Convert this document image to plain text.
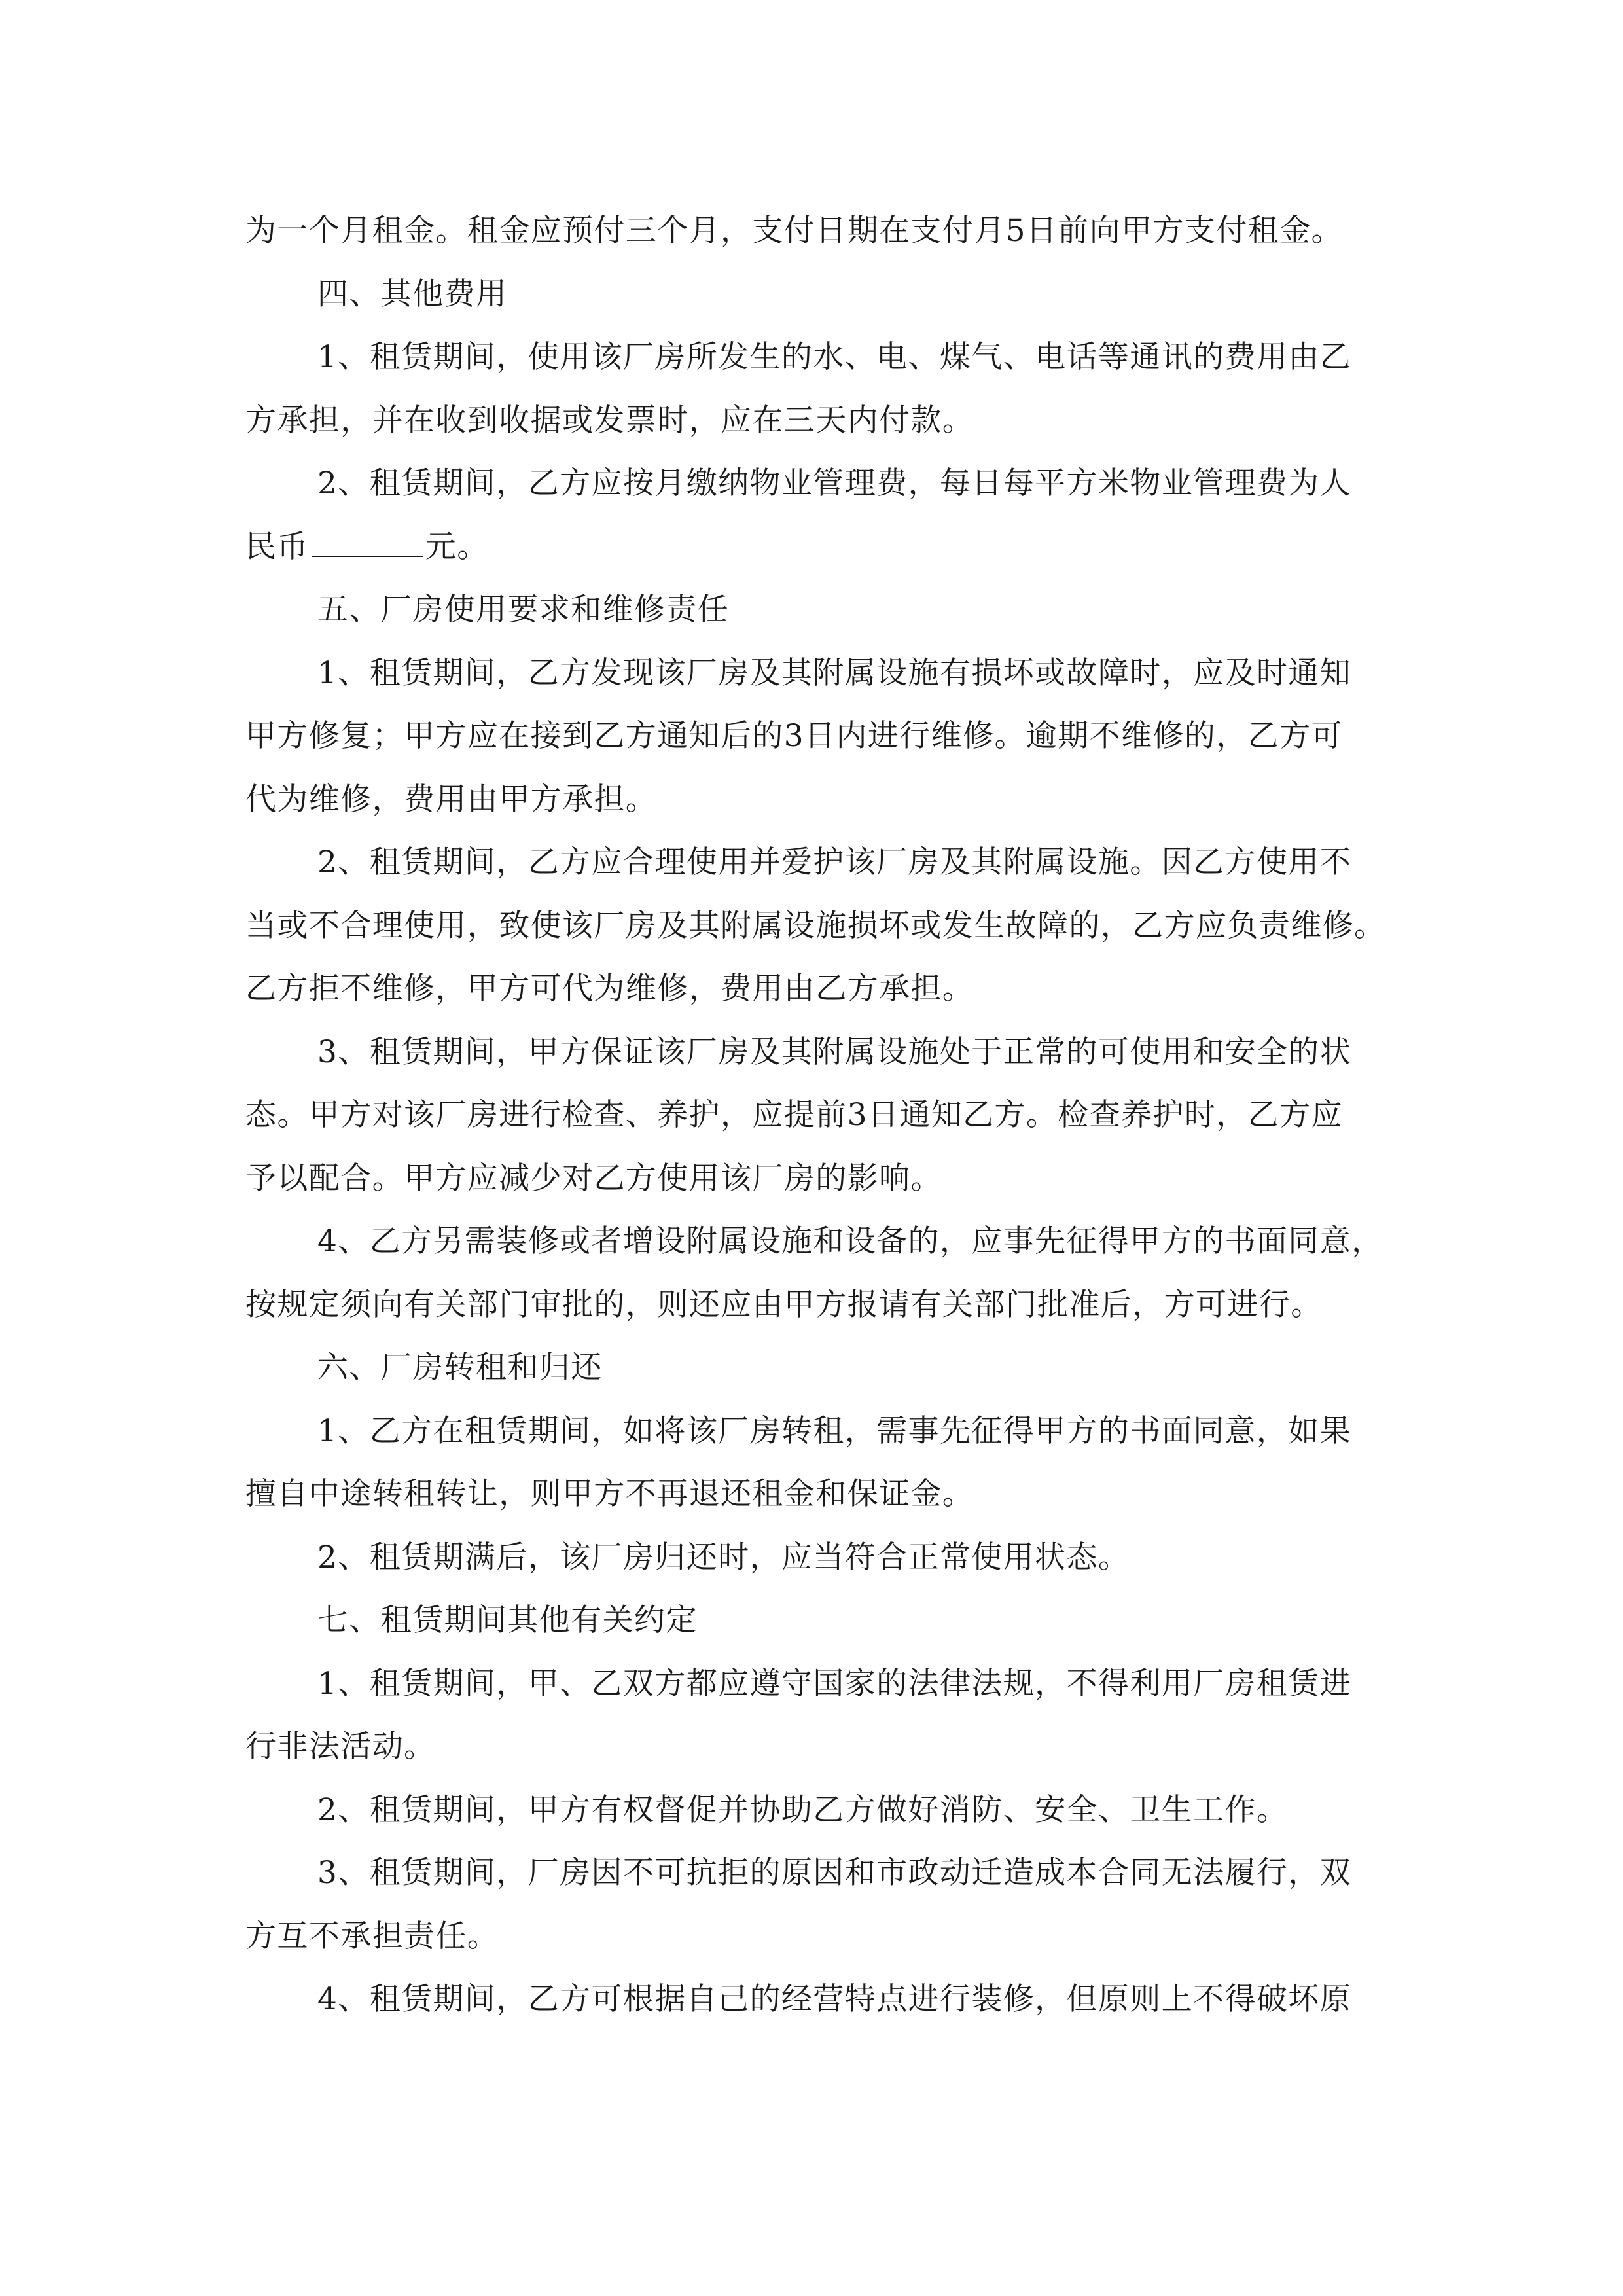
为一个月租金。租金应预付三个月，支付日期在支付月5日前向甲方支付租金。
四、其他费用
1、租赁期间，使用该厂房所发生的水、电、煤气、电话等通讯的费用由乙
方承担，并在收到收据或发票时，应在三天内付款。
2、租赁期间，乙方应按月缴纳物业管理费，每日每平方米物业管理费为人
民币	元。
五、厂房使用要求和维修责任
1、租赁期间，乙方发现该厂房及其附属设施有损坏或故障时，应及时通知
甲方修复；甲方应在接到乙方通知后的3日内进行维修。逾期不维修的，乙方可
代为维修，费用由甲方承担。
2、租赁期间，乙方应合理使用并爱护该厂房及其附属设施。因乙方使用不
当或不合理使用，致使该厂房及其附属设施损坏或发生故障的，乙方应负责维修。
乙方拒不维修，甲方可代为维修，费用由乙方承担。
3、租赁期间，甲方保证该厂房及其附属设施处于正常的可使用和安全的状
态。甲方对该厂房进行检查、养护，应提前3日通知乙方。检查养护时，乙方应
予以配合。甲方应减少对乙方使用该厂房的影响。
4、乙方另需装修或者增设附属设施和设备的，应事先征得甲方的书面同意，
按规定须向有关部门审批的，则还应由甲方报请有关部门批准后，方可进行。
六、厂房转租和归还
1、乙方在租赁期间，如将该厂房转租，需事先征得甲方的书面同意，如果
擅自中途转租转让，则甲方不再退还租金和保证金。
2、租赁期满后，该厂房归还时，应当符合正常使用状态。
七、租赁期间其他有关约定
1、租赁期间，甲、乙双方都应遵守国家的法律法规，不得利用厂房租赁进
行非法活动。
2、租赁期间，甲方有权督促并协助乙方做好消防、安全、卫生工作。
3、租赁期间，厂房因不可抗拒的原因和市政动迁造成本合同无法履行，双
方互不承担责任。
4、租赁期间，乙方可根据自己的经营特点进行装修，但原则上不得破坏原
